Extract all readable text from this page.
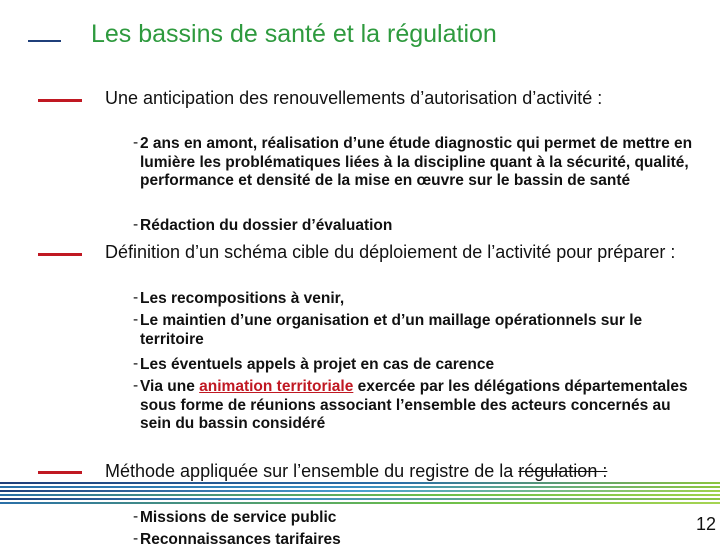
Les bassins de santé et la régulation
Une anticipation des renouvellements d’autorisation d’activité :
- 2 ans en amont, réalisation d’une étude diagnostic qui permet de mettre en lumière les problématiques liées à la discipline quant à la sécurité, qualité, performance et densité de la mise en œuvre sur le bassin de santé
- Rédaction du dossier d’évaluation
Définition d’un schéma cible du déploiement de l’activité pour préparer :
- Les recompositions à venir,
- Le maintien d’une organisation et d’un maillage opérationnels sur le territoire
- Les éventuels appels à projet en cas de carence
- Via une animation territoriale exercée par les délégations départementales sous forme de réunions associant l’ensemble des acteurs concernés au sein du bassin considéré
Méthode appliquée sur l’ensemble du registre de la régulation :
- Missions de service public
- Reconnaissances tarifaires
12
